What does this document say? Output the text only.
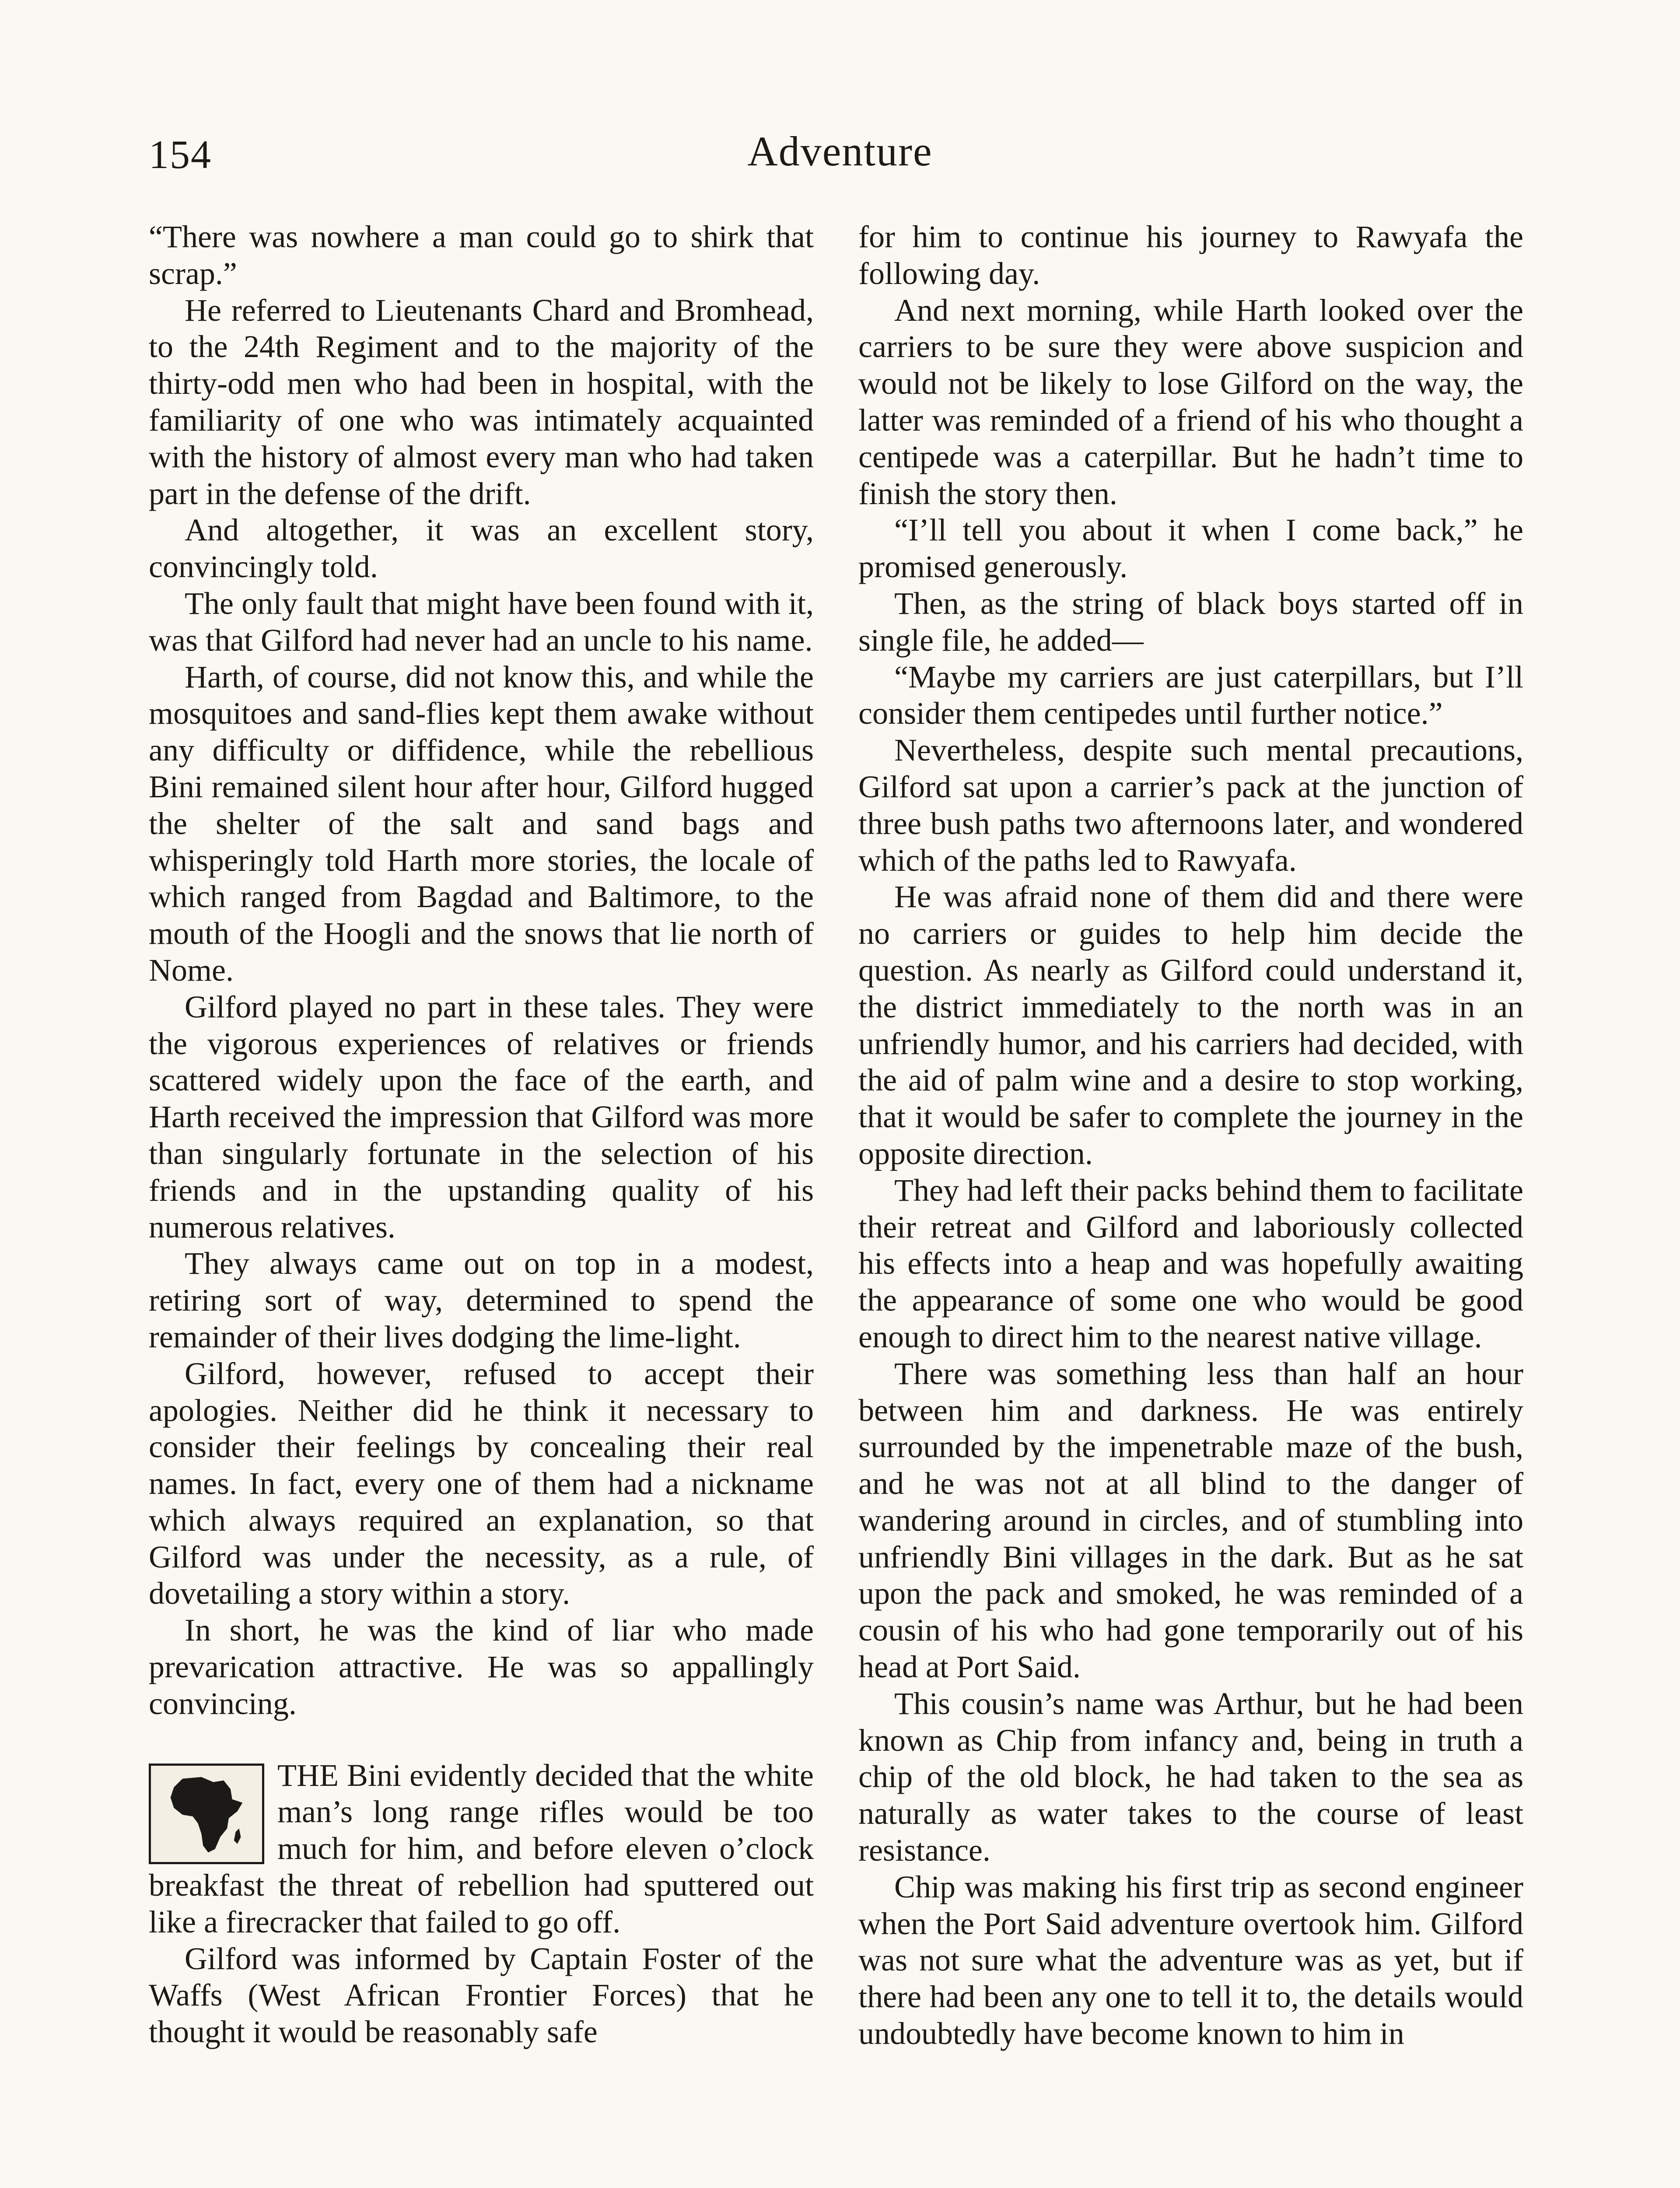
154	Adventure

“There was nowhere a man could go to shirk that scrap.”

He referred to Lieutenants Chard and Bromhead, to the 24th Regiment and to the majority of the thirty-odd men who had been in hospital, with the familiarity of one who was intimately acquainted with the history of almost every man who had taken part in the defense of the drift.

And altogether, it was an excellent story, convincingly told.

The only fault that might have been found with it, was that Gilford had never had an uncle to his name.

Harth, of course, did not know this, and while the mosquitoes and sand-flies kept them awake without any difficulty or diffidence, while the rebellious Bini remained silent hour after hour, Gilford hugged the shelter of the salt and sand bags and whisperingly told Harth more stories, the locale of which ranged from Bagdad and Baltimore, to the mouth of the Hoogli and the snows that lie north of Nome.

Gilford played no part in these tales. They were the vigorous experiences of relatives or friends scattered widely upon the face of the earth, and Harth received the impression that Gilford was more than singularly fortunate in the selection of his friends and in the upstanding quality of his numerous relatives.

They always came out on top in a modest, retiring sort of way, determined to spend the remainder of their lives dodging the lime-light.

Gilford, however, refused to accept their apologies. Neither did he think it necessary to consider their feelings by concealing their real names. In fact, every one of them had a nickname which always required an explanation, so that Gilford was under the necessity, as a rule, of dovetailing a story within a story.

In short, he was the kind of liar who made prevarication attractive. He was so appallingly convincing.

THE Bini evidently decided that the white man’s long range rifles would be too much for him, and before eleven o’clock breakfast the threat of rebellion had sputtered out like a firecracker that failed to go off.

Gilford was informed by Captain Foster of the Waffs (West African Frontier Forces) that he thought it would be reasonably safe

for him to continue his journey to Rawyafa the following day.

And next morning, while Harth looked over the carriers to be sure they were above suspicion and would not be likely to lose Gilford on the way, the latter was reminded of a friend of his who thought a centipede was a caterpillar. But he hadn’t time to finish the story then.

“I’ll tell you about it when I come back,” he promised generously.

Then, as the string of black boys started off in single file, he added—

“Maybe my carriers are just caterpillars, but I’ll consider them centipedes until further notice.”

Nevertheless, despite such mental precautions, Gilford sat upon a carrier’s pack at the junction of three bush paths two afternoons later, and wondered which of the paths led to Rawyafa.

He was afraid none of them did and there were no carriers or guides to help him decide the question. As nearly as Gilford could understand it, the district immediately to the north was in an unfriendly humor, and his carriers had decided, with the aid of palm wine and a desire to stop working, that it would be safer to complete the journey in the opposite direction.

They had left their packs behind them to facilitate their retreat and Gilford and laboriously collected his effects into a heap and was hopefully awaiting the appearance of some one who would be good enough to direct him to the nearest native village.

There was something less than half an hour between him and darkness. He was entirely surrounded by the impenetrable maze of the bush, and he was not at all blind to the danger of wandering around in circles, and of stumbling into unfriendly Bini villages in the dark. But as he sat upon the pack and smoked, he was reminded of a cousin of his who had gone temporarily out of his head at Port Said.

This cousin’s name was Arthur, but he had been known as Chip from infancy and, being in truth a chip of the old block, he had taken to the sea as naturally as water takes to the course of least resistance.

Chip was making his first trip as second engineer when the Port Said adventure overtook him. Gilford was not sure what the adventure was as yet, but if there had been any one to tell it to, the details would undoubtedly have become known to him in
